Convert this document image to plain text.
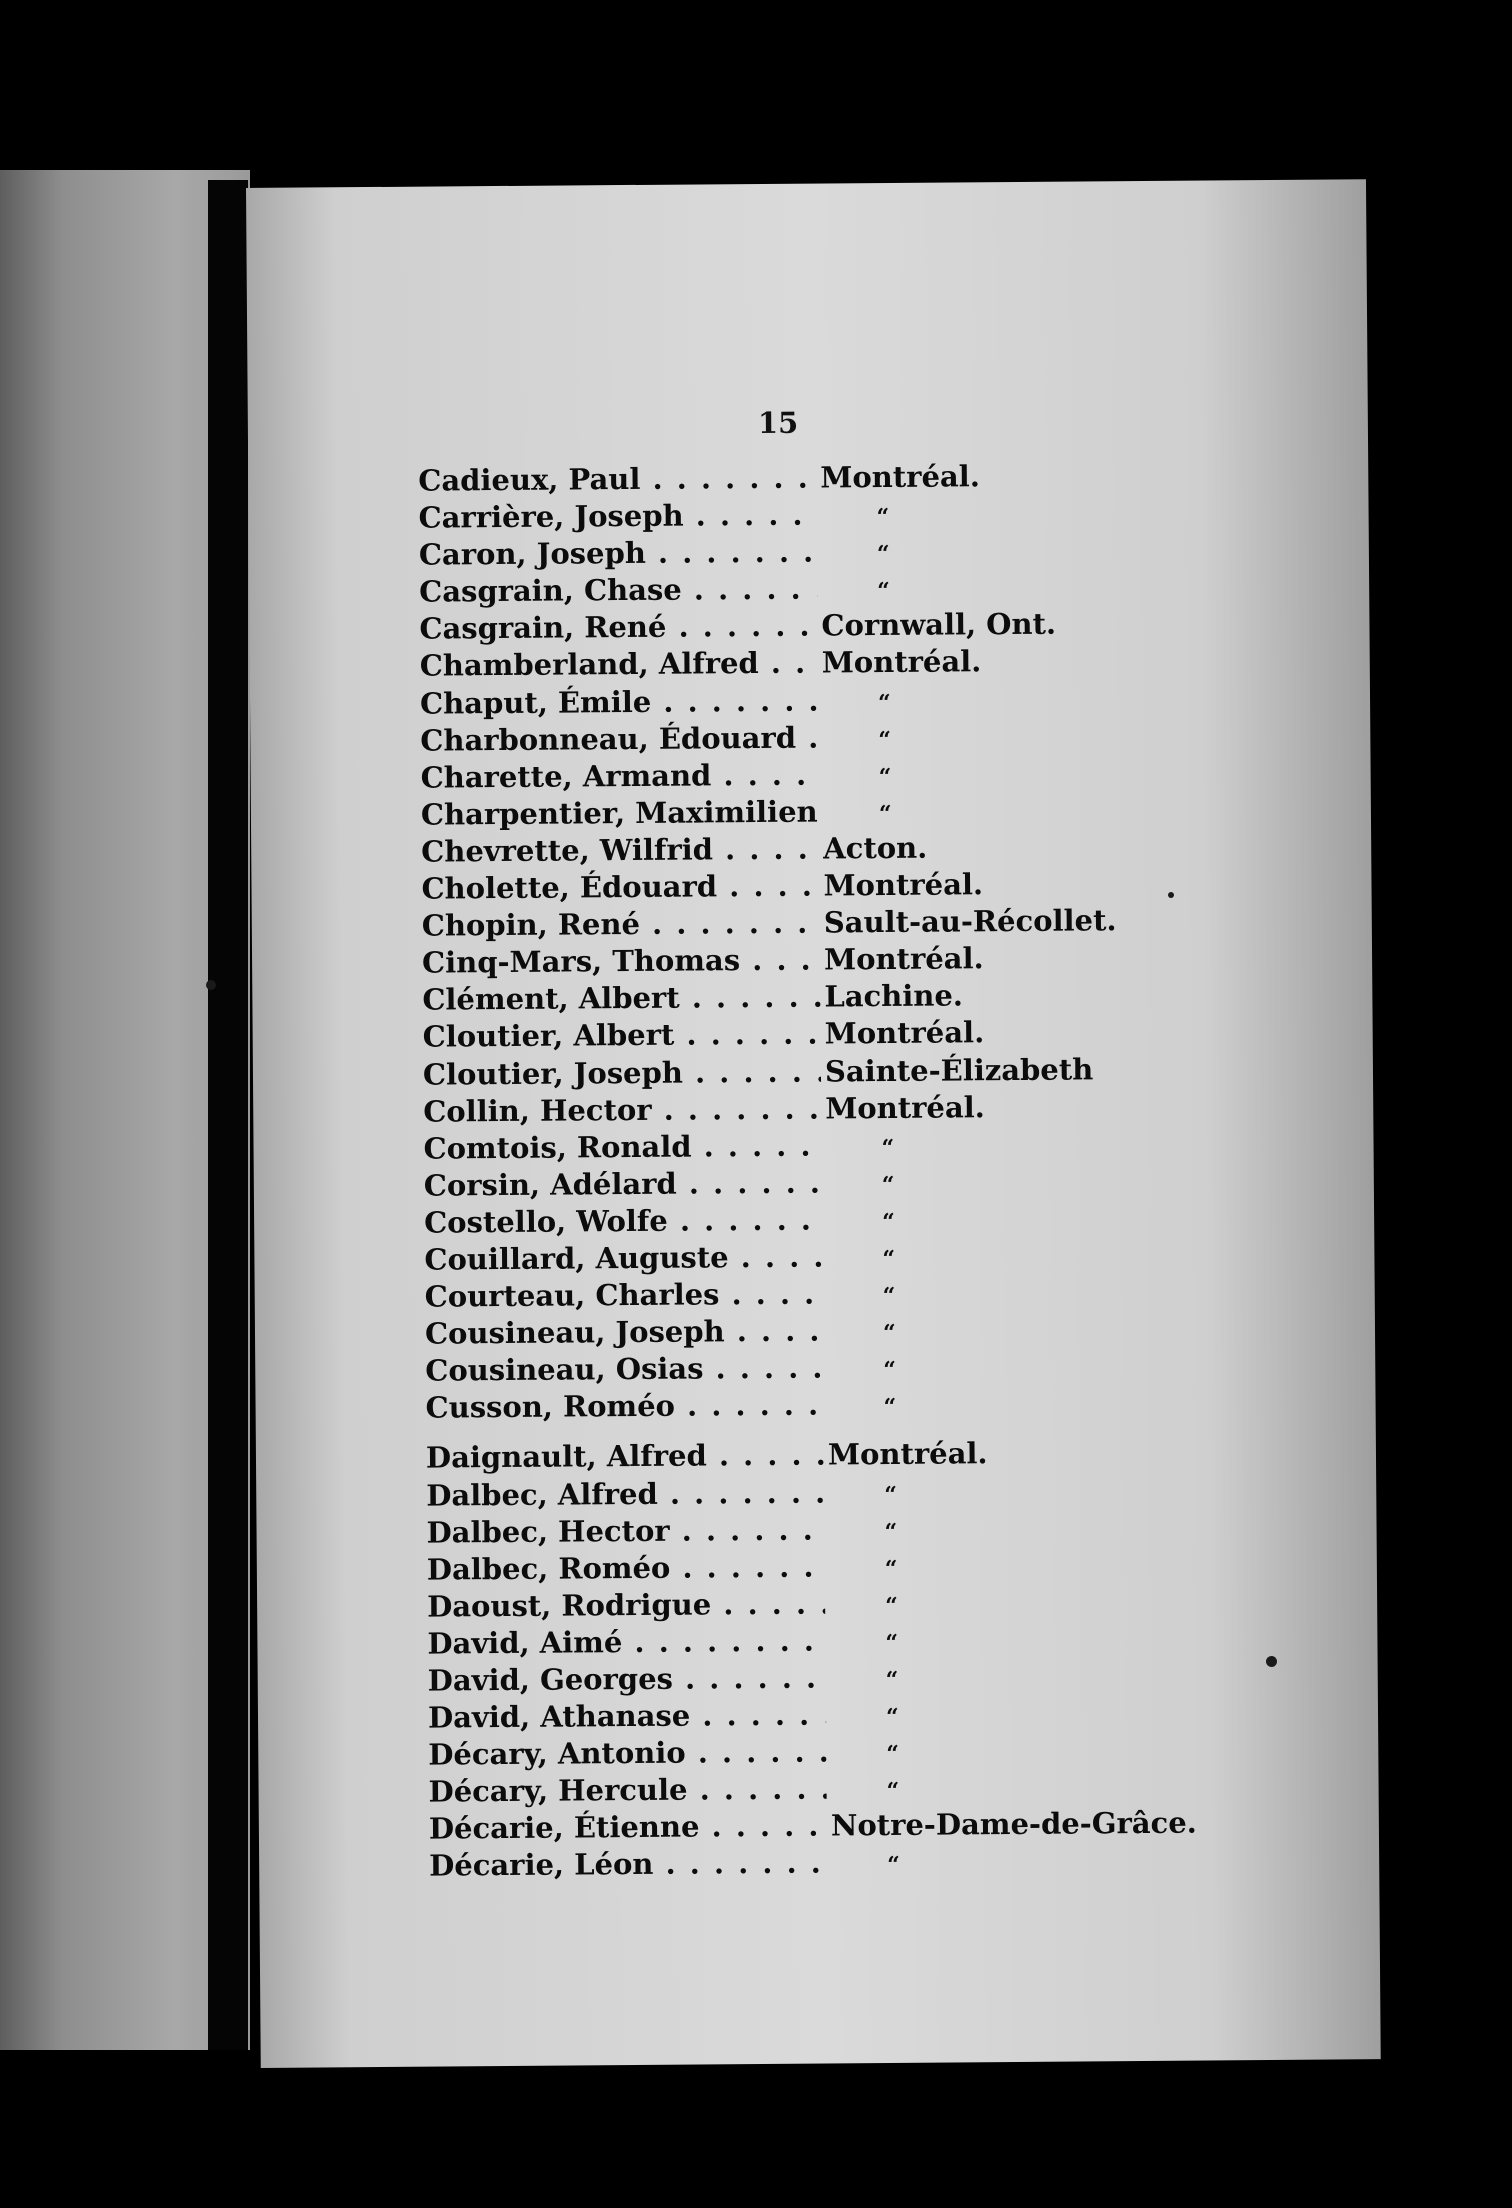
15
Cadieux, Paul . . .	Montréal.
Carrière, Joseph . . .	“
Caron, Joseph . . .	“
Casgrain, Chase . . .	“
Casgrain, René . . .	Cornwall, Ont.
Chamberland, Alfred . . .	Montréal.
Chaput, Émile . . .	“
Charbonneau, Édouard . . .	“
Charette, Armand . . .	“
Charpentier, Maximilien . . .	“
Chevrette, Wilfrid . . .	Acton.
Cholette, Édouard . . .	Montréal.
Chopin, René . . .	Sault-au-Récollet.
Cinq-Mars, Thomas . . .	Montréal.
Clément, Albert . . .	Lachine.
Cloutier, Albert . . .	Montréal.
Cloutier, Joseph . . .	Sainte-Élizabeth
Collin, Hector . . .	Montréal.
Comtois, Ronald . . .	“
Corsin, Adélard . . .	“
Costello, Wolfe . . .	“
Couillard, Auguste . . .	“
Courteau, Charles . . .	“
Cousineau, Joseph . . .	“
Cousineau, Osias . . .	“
Cusson, Roméo . . .	“
Daignault, Alfred . . .	Montréal.
Dalbec, Alfred . . .	“
Dalbec, Hector . . .	“
Dalbec, Roméo . . .	“
Daoust, Rodrigue . . .	“
David, Aimé . . .	“
David, Georges . . .	“
David, Athanase . . .	“
Décary, Antonio . . .	“
Décary, Hercule . . .	“
Décarie, Étienne . . .	Notre-Dame-de-Grâce.
Décarie, Léon . . .	“
